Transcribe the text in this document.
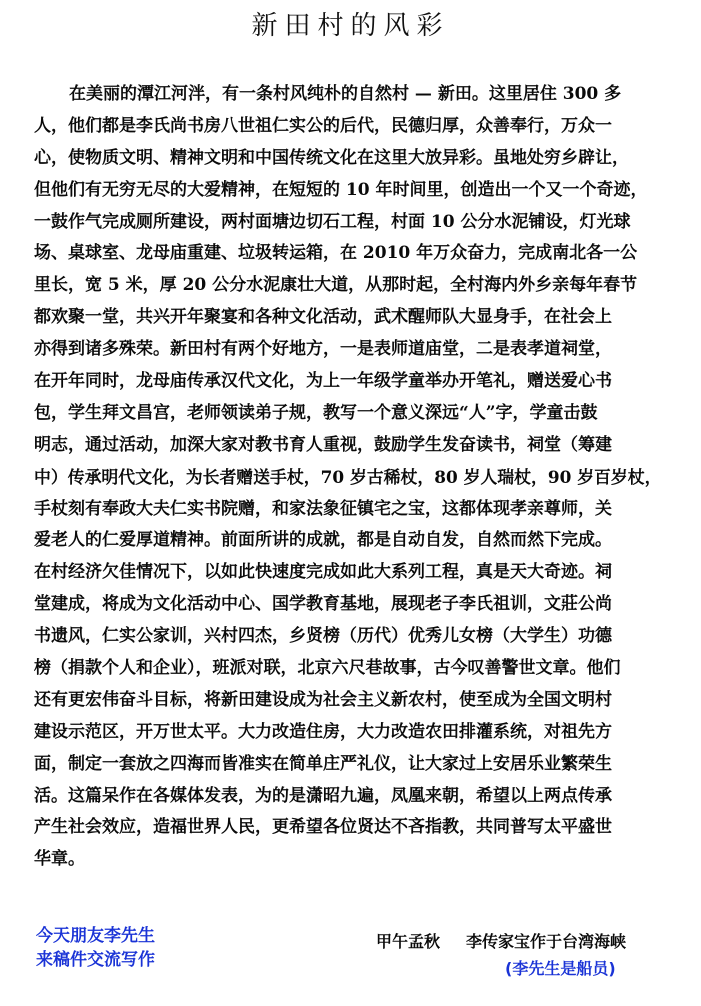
新田村的风彩
在美丽的潭江河泮，有一条村风纯朴的自然村 — 新田。这里居住 300 多
人，他们都是李氏尚书房八世祖仁实公的后代，民德归厚，众善奉行，万众一
心，使物质文明、精神文明和中国传统文化在这里大放异彩。虽地处穷乡辟让，
但他们有无穷无尽的大爱精神，在短短的 10 年时间里，创造出一个又一个奇迹，
一鼓作气完成厕所建设，两村面塘边切石工程，村面 10 公分水泥铺设，灯光球
场、桌球室、龙母庙重建、垃圾转运箱，在 2010 年万众奋力，完成南北各一公
里长，宽 5 米，厚 20 公分水泥康壮大道，从那时起，全村海内外乡亲每年春节
都欢聚一堂，共兴开年聚宴和各种文化活动，武术醒师队大显身手，在社会上
亦得到诸多殊荣。新田村有两个好地方，一是表师道庙堂，二是表孝道祠堂，
在开年同时，龙母庙传承汉代文化，为上一年级学童举办开笔礼，赠送爱心书
包，学生拜文昌宫，老师领读弟子规，教写一个意义深远“人”字，学童击鼓
明志，通过活动，加深大家对教书育人重视，鼓励学生发奋读书，祠堂（筹建
中）传承明代文化，为长者赠送手杖，70 岁古稀杖，80 岁人瑞杖，90 岁百岁杖，
手杖刻有奉政大夫仁实书院赠，和家法象征镇宅之宝，这都体现孝亲尊师，关
爱老人的仁爱厚道精神。前面所讲的成就，都是自动自发，自然而然下完成。
在村经济欠佳情况下，以如此快速度完成如此大系列工程，真是天大奇迹。祠
堂建成，将成为文化活动中心、国学教育基地，展现老子李氏祖训，文莊公尚
书遗风，仁实公家训，兴村四杰，乡贤榜（历代）优秀儿女榜（大学生）功德
榜（捐款个人和企业），班派对联，北京六尺巷故事，古今叹善警世文章。他们
还有更宏伟奋斗目标，将新田建设成为社会主义新农村，使至成为全国文明村
建设示范区，开万世太平。大力改造住房，大力改造农田排灌系统，对祖先方
面，制定一套放之四海而皆准实在简单庄严礼仪，让大家过上安居乐业繁荣生
活。这篇呆作在各媒体发表，为的是潇昭九遍，凤凰来朝，希望以上两点传承
产生社会效应，造福世界人民，更希望各位贤达不吝指教，共同普写太平盛世
华章。
今天朋友李先生
来稿件交流写作
甲午孟秋 李传家宝作于台湾海峡
(李先生是船员)
